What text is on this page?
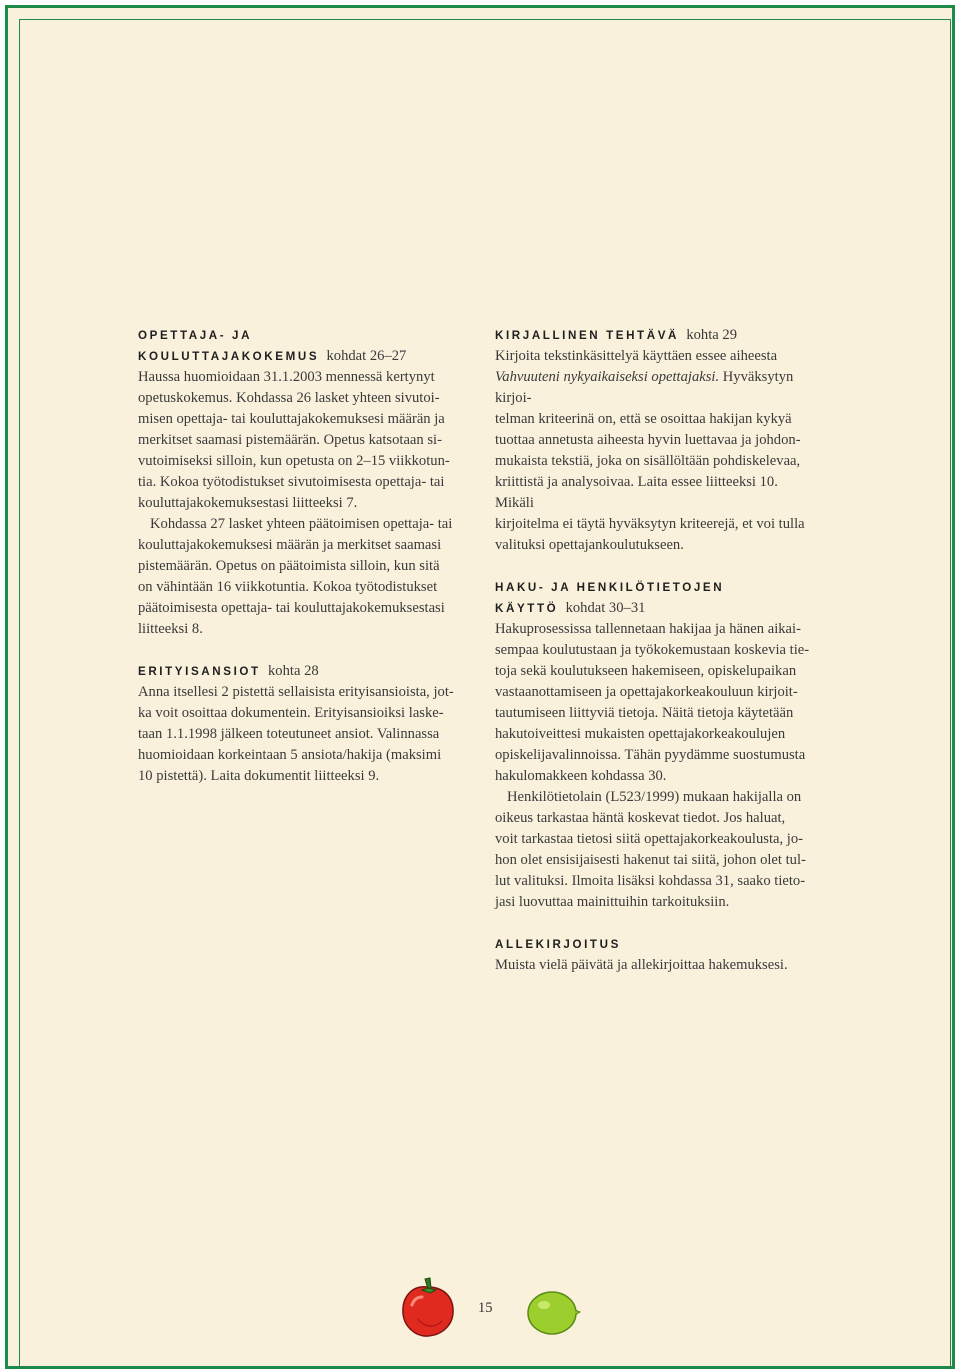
OPETTAJA- JA
KOULUTTAJAKOKEMUS kohdat 26–27

Haussa huomioidaan 31.1.2003 mennessä kertynyt
opetuskokemus. Kohdassa 26 lasket yhteen sivutoi-
misen opettaja- tai kouluttajakokemuksesi määrän ja
merkitset saamasi pistemäärän. Opetus katsotaan si-
vutoimiseksi silloin, kun opetusta on 2–15 viikkotun-
tia. Kokoa työtodistukset sivutoimisesta opettaja- tai
kouluttajakokemuksestasi liitteeksi 7.

Kohdassa 27 lasket yhteen päätoimisen opettaja- tai
kouluttajakokemuksesi määrän ja merkitset saamasi
pistemäärän. Opetus on päätoimista silloin, kun sitä
on vähintään 16 viikkotuntia. Kokoa työtodistukset
päätoimisesta opettaja- tai kouluttajakokemuksestasi
liitteeksi 8.

ERITYISANSIOT kohta 28

Anna itsellesi 2 pistettä sellaisista erityisansioista, jot-
ka voit osoittaa dokumentein. Erityisansioiksi laske-
taan 1.1.1998 jälkeen toteutuneet ansiot. Valinnassa
huomioidaan korkeintaan 5 ansiota/hakija (maksimi
10 pistettä). Laita dokumentit liitteeksi 9.

KIRJALLINEN TEHTÄVÄ kohta 29

Kirjoita tekstinkäsittelyä käyttäen essee aiheesta
Vahvuuteni nykyaikaiseksi opettajaksi. Hyväksytyn kirjoi-
telman kriteerinä on, että se osoittaa hakijan kykyä
tuottaa annetusta aiheesta hyvin luettavaa ja johdon-
mukaista tekstiä, joka on sisällöltään pohdiskelevaa,
kriittistä ja analysoivaa. Laita essee liitteeksi 10. Mikäli
kirjoitelma ei täytä hyväksytyn kriteerejä, et voi tulla
valituksi opettajankoulutukseen.

HAKU- JA HENKILÖTIETOJEN
KÄYTTÖ kohdat 30–31

Hakuprosessissa tallennetaan hakijaa ja hänen aikai-
sempaa koulutustaan ja työkokemustaan koskevia tie-
toja sekä koulutukseen hakemiseen, opiskelupaikan
vastaanottamiseen ja opettajakorkeakouluun kirjoit-
tautumiseen liittyviä tietoja. Näitä tietoja käytetään
hakutoiveittesi mukaisten opettajakorkeakoulujen
opiskelijavalinnoissa. Tähän pyydämme suostumusta
hakulomakkeen kohdassa 30.

Henkilötietolain (L523/1999) mukaan hakijalla on
oikeus tarkastaa häntä koskevat tiedot. Jos haluat,
voit tarkastaa tietosi siitä opettajakorkeakoulusta, jo-
hon olet ensisijaisesti hakenut tai siitä, johon olet tul-
lut valituksi. Ilmoita lisäksi kohdassa 31, saako tieto-
jasi luovuttaa mainittuihin tarkoituksiin.

ALLEKIRJOITUS

Muista vielä päivätä ja allekirjoittaa hakemuksesi.

15
